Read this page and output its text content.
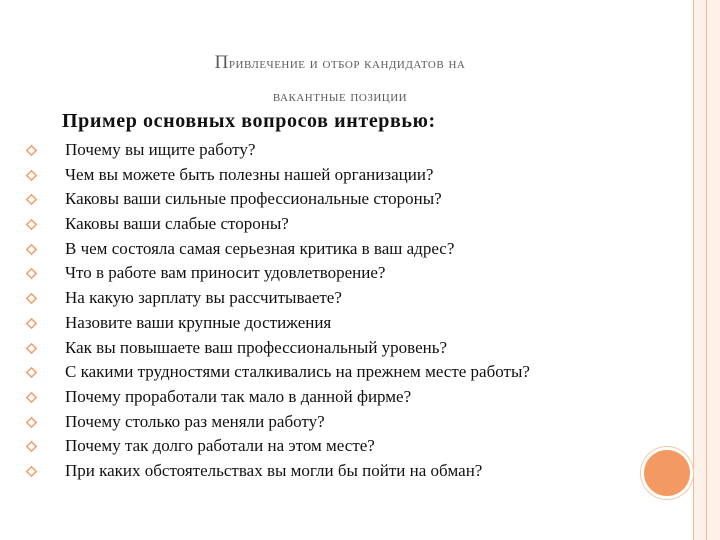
Привлечение и отбор кандидатов на
вакантные позиции
Пример основных вопросов интервью:
Почему вы ищите работу?
Чем вы можете быть полезны нашей организации?
Каковы ваши сильные профессиональные стороны?
Каковы ваши слабые стороны?
В чем состояла самая серьезная критика в ваш адрес?
Что в работе вам приносит удовлетворение?
На какую зарплату вы рассчитываете?
Назовите ваши крупные достижения
Как вы повышаете ваш профессиональный уровень?
С какими трудностями сталкивались на прежнем месте работы?
Почему проработали так мало в данной фирме?
Почему столько раз меняли работу?
Почему так долго работали на этом месте?
При каких обстоятельствах вы могли бы пойти на обман?
